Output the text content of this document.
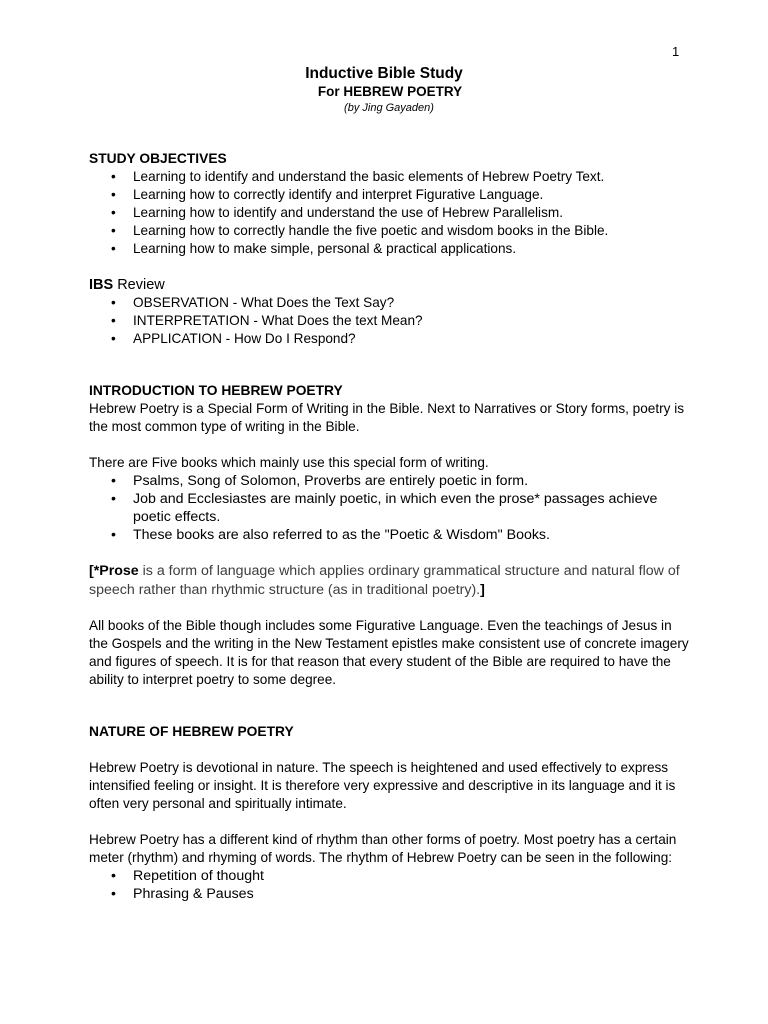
1
Inductive Bible Study
For HEBREW POETRY
(by Jing Gayaden)

STUDY OBJECTIVES

• Learning to identify and understand the basic elements of Hebrew Poetry Text.
• Learning how to correctly identify and interpret Figurative Language.
• Learning how to identify and understand the use of Hebrew Parallelism.
• Learning how to correctly handle the five poetic and wisdom books in the Bible.
• Learning how to make simple, personal & practical applications.

IBS Review

• OBSERVATION - What Does the Text Say?
• INTERPRETATION - What Does the text Mean?
• APPLICATION - How Do I Respond?

INTRODUCTION TO HEBREW POETRY

Hebrew Poetry is a Special Form of Writing in the Bible. Next to Narratives or Story forms, poetry is the most common type of writing in the Bible.

There are Five books which mainly use this special form of writing.

• Psalms, Song of Solomon, Proverbs are entirely poetic in form.
• Job and Ecclesiastes are mainly poetic, in which even the prose* passages achieve poetic effects.
• These books are also referred to as the "Poetic & Wisdom" Books.

[*Prose is a form of language which applies ordinary grammatical structure and natural flow of speech rather than rhythmic structure (as in traditional poetry).]

All books of the Bible though includes some Figurative Language. Even the teachings of Jesus in the Gospels and the writing in the New Testament epistles make consistent use of concrete imagery and figures of speech. It is for that reason that every student of the Bible are required to have the ability to interpret poetry to some degree.

NATURE OF HEBREW POETRY

Hebrew Poetry is devotional in nature. The speech is heightened and used effectively to express intensified feeling or insight. It is therefore very expressive and descriptive in its language and it is often very personal and spiritually intimate.

Hebrew Poetry has a different kind of rhythm than other forms of poetry. Most poetry has a certain meter (rhythm) and rhyming of words. The rhythm of Hebrew Poetry can be seen in the following:

• Repetition of thought
• Phrasing & Pauses
